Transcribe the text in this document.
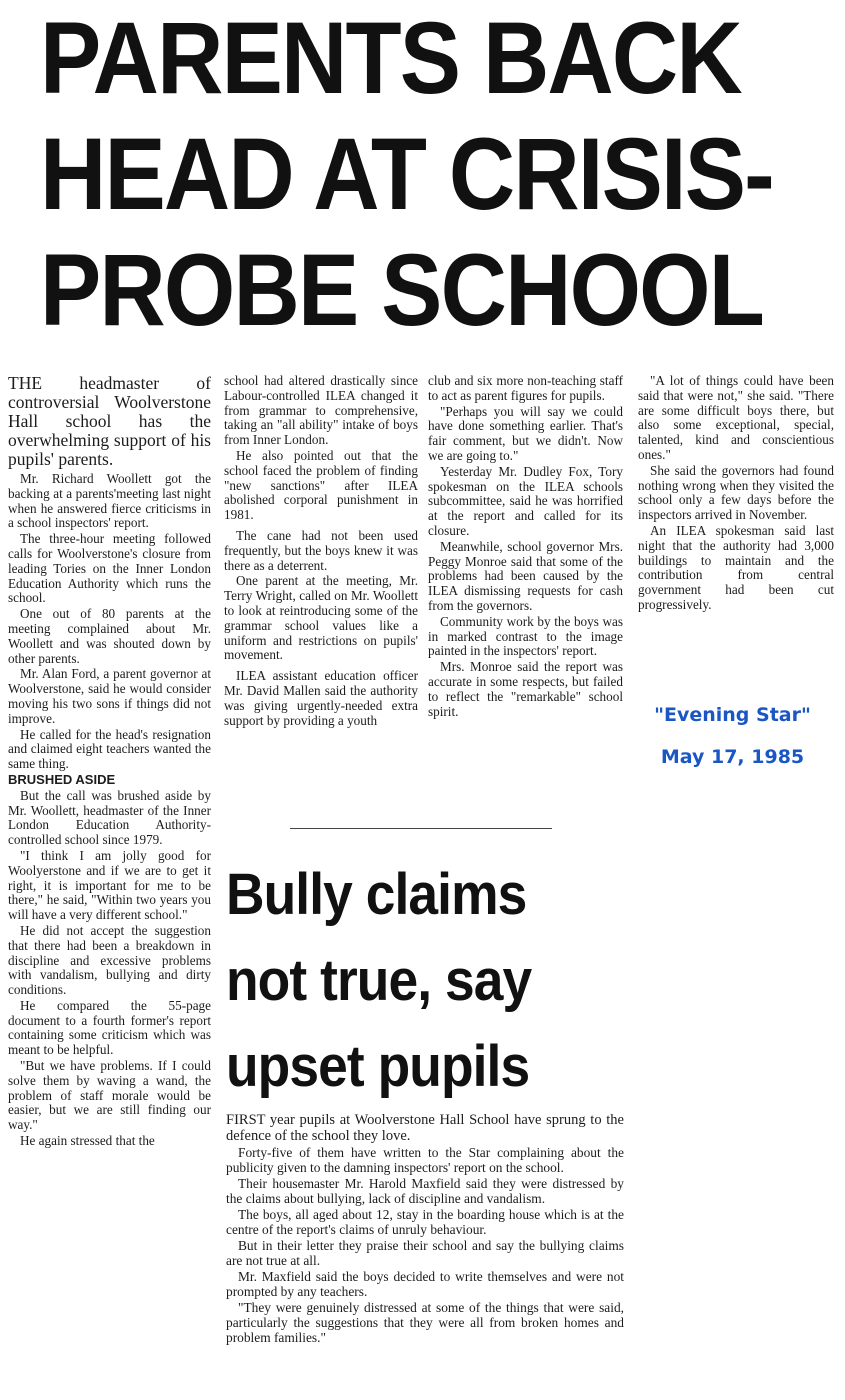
PARENTS BACK
HEAD AT CRISIS-
PROBE SCHOOL

THE headmaster of controversial Woolverstone Hall school has the overwhelming support of his pupils' parents.

Mr. Richard Woollett got the backing at a parents'meeting last night when he answered fierce criticisms in a school inspectors' report.

The three-hour meeting followed calls for Woolverstone's closure from leading Tories on the Inner London Education Authority which runs the school.

One out of 80 parents at the meeting complained about Mr. Woollett and was shouted down by other parents.

Mr. Alan Ford, a parent governor at Woolverstone, said he would consider moving his two sons if things did not improve.

He called for the head's resignation and claimed eight teachers wanted the same thing.

BRUSHED ASIDE

But the call was brushed aside by Mr. Woollett, headmaster of the Inner London Education Authority-controlled school since 1979.

"I think I am jolly good for Woolyerstone and if we are to get it right, it is important for me to be there," he said, "Within two years you will have a very different school."

He did not accept the suggestion that there had been a breakdown in discipline and excessive problems with vandalism, bullying and dirty conditions.

He compared the 55-page document to a fourth former's report containing some criticism which was meant to be helpful.

"But we have problems. If I could solve them by waving a wand, the problem of staff morale would be easier, but we are still finding our way."

He again stressed that the

school had altered drastically since Labour-controlled ILEA changed it from grammar to comprehensive, taking an "all ability" intake of boys from Inner London.

He also pointed out that the school faced the problem of finding "new sanctions" after ILEA abolished corporal punishment in 1981.

The cane had not been used frequently, but the boys knew it was there as a deterrent.

One parent at the meeting, Mr. Terry Wright, called on Mr. Woollett to look at reintroducing some of the grammar school values like a uniform and restrictions on pupils' movement.

ILEA assistant education officer Mr. David Mallen said the authority was giving urgently-needed extra support by providing a youth

club and six more non-teaching staff to act as parent figures for pupils.

"Perhaps you will say we could have done something earlier. That's fair comment, but we didn't. Now we are going to."

Yesterday Mr. Dudley Fox, Tory spokesman on the ILEA schools subcommittee, said he was horrified at the report and called for its closure.

Meanwhile, school governor Mrs. Peggy Monroe said that some of the problems had been caused by the ILEA dismissing requests for cash from the governors.

Community work by the boys was in marked contrast to the image painted in the inspectors' report.

Mrs. Monroe said the report was accurate in some respects, but failed to reflect the "remarkable" school spirit.

"A lot of things could have been said that were not," she said. "There are some difficult boys there, but also some exceptional, special, talented, kind and conscientious ones."

She said the governors had found nothing wrong when they visited the school only a few days before the inspectors arrived in November.

An ILEA spokesman said last night that the authority had 3,000 buildings to maintain and the contribution from central government had been cut progressively.

"Evening Star"
May 17, 1985
Bully claims
not true, say
upset pupils

FIRST year pupils at Woolverstone Hall School have sprung to the defence of the school they love.

Forty-five of them have written to the Star complaining about the publicity given to the damning inspectors' report on the school.

Their housemaster Mr. Harold Maxfield said they were distressed by the claims about bullying, lack of discipline and vandalism.

The boys, all aged about 12, stay in the boarding house which is at the centre of the report's claims of unruly behaviour.

But in their letter they praise their school and say the bullying claims are not true at all.

Mr. Maxfield said the boys decided to write themselves and were not prompted by any teachers.

"They were genuinely distressed at some of the things that were said, particularly the suggestions that they were all from broken homes and problem families."
